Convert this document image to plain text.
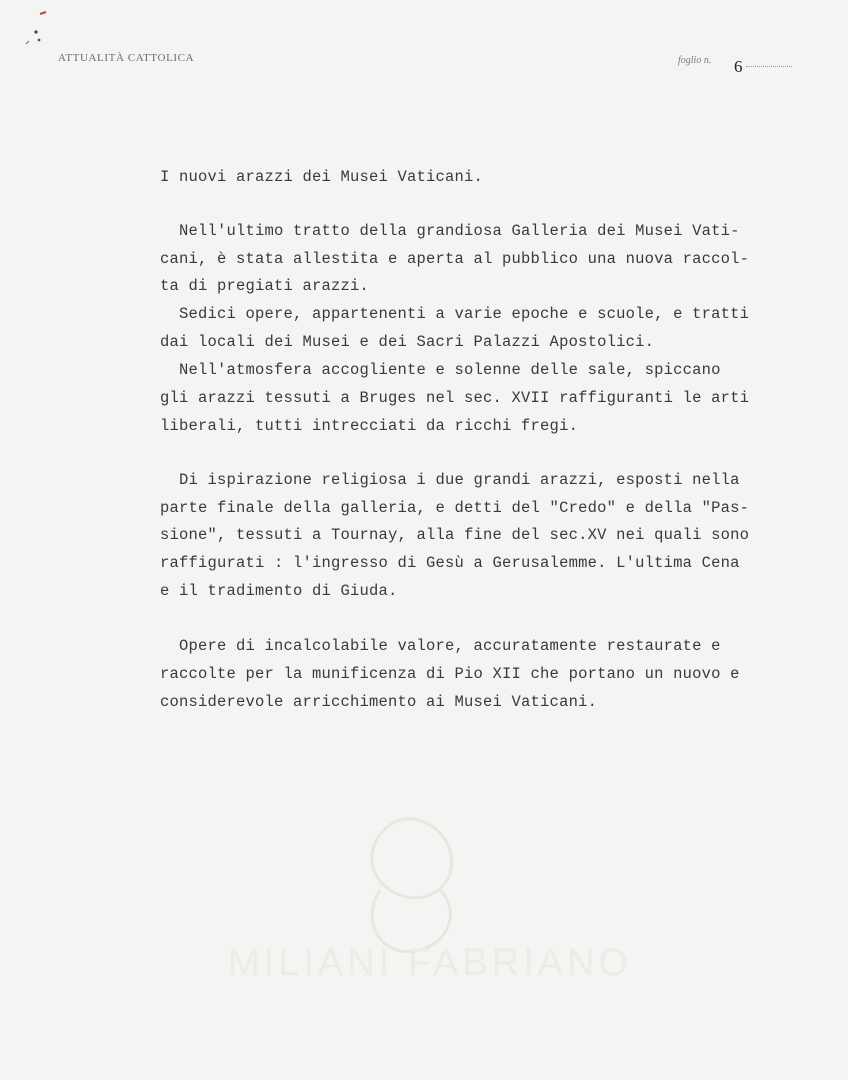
ATTUALITÀ CATTOLICA	foglio n. 6
I nuovi arazzi dei Musei Vaticani.
Nell'ultimo tratto della grandiosa Galleria dei Musei Vati-
cani, è stata allestita e aperta al pubblico una nuova raccol-
ta di pregiati arazzi.
Sedici opere, appartenenti a varie epoche e scuole, e tratti
dai locali dei Musei e dei Sacri Palazzi Apostolici.
Nell'atmosfera accogliente e solenne delle sale, spiccano
gli arazzi tessuti a Bruges nel sec. XVII raffiguranti le arti
liberali, tutti intrecciati da ricchi fregi.
Di ispirazione religiosa i due grandi arazzi, esposti nella
parte finale della galleria, e detti del "Credo" e della "Pas-
sione", tessuti a Tournay, alla fine del sec.XV nei quali sono
raffigurati : l'ingresso di Gesù a Gerusalemme. L'ultima Cena
e il tradimento di Giuda.
Opere di incalcolabile valore, accuratamente restaurate e
raccolte per la munificenza di Pio XII che portano un nuovo e
considerevole arricchimento ai Musei Vaticani.
MILIANI FABRIANO
